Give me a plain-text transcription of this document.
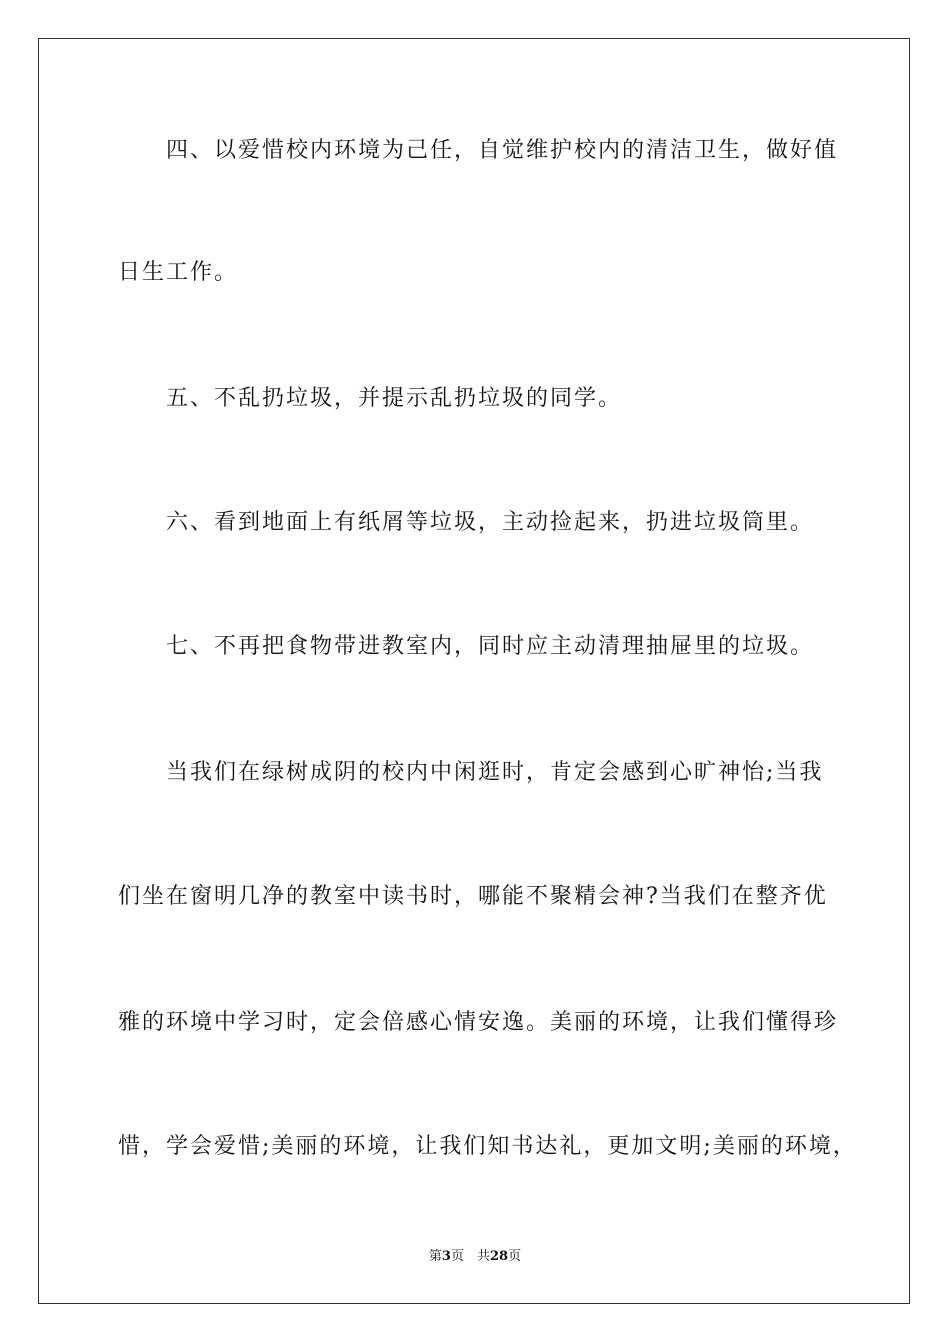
四、以爱惜校内环境为己任，自觉维护校内的清洁卫生，做好值
日生工作。
五、不乱扔垃圾，并提示乱扔垃圾的同学。
六、看到地面上有纸屑等垃圾，主动捡起来，扔进垃圾筒里。
七、不再把食物带进教室内，同时应主动清理抽屉里的垃圾。
当我们在绿树成阴的校内中闲逛时，肯定会感到心旷神怡;当我
们坐在窗明几净的教室中读书时，哪能不聚精会神?当我们在整齐优
雅的环境中学习时，定会倍感心情安逸。美丽的环境，让我们懂得珍
惜，学会爱惜;美丽的环境，让我们知书达礼，更加文明;美丽的环境，
第3页　共28页
